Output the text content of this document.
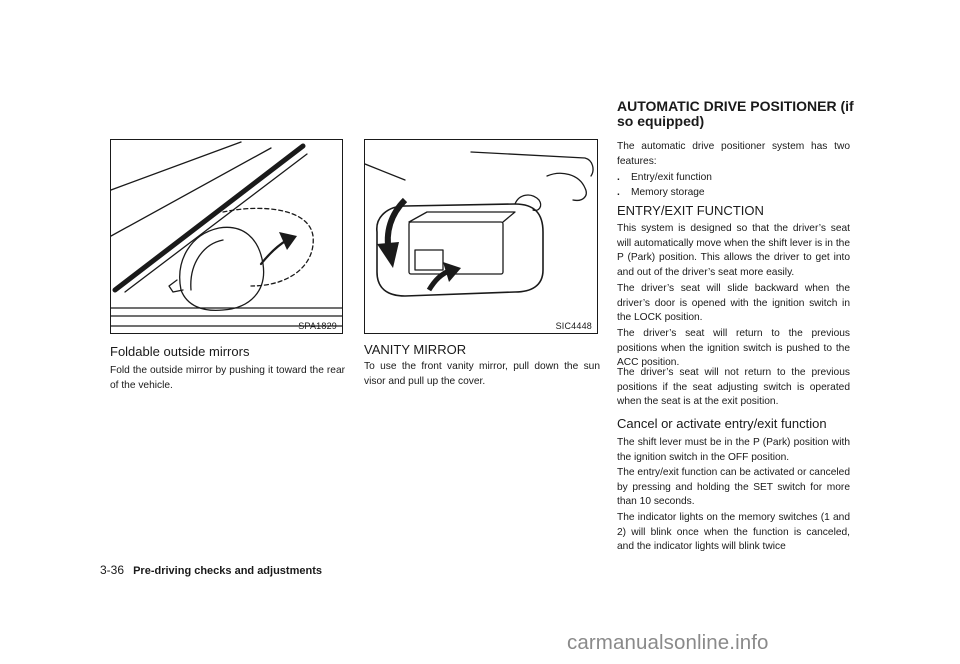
SPA1829	SIC4448
Foldable outside mirrors

Fold the outside mirror by pushing it toward the rear of the vehicle.

VANITY MIRROR

To use the front vanity mirror, pull down the sun visor and pull up the cover.

AUTOMATIC DRIVE POSITIONER (if
so equipped)

The automatic drive positioner system has two features:

. Entry/exit function
. Memory storage
ENTRY/EXIT FUNCTION

This system is designed so that the driver’s seat will automatically move when the shift lever is in the P (Park) position. This allows the driver to get into and out of the driver’s seat more easily.

The driver’s seat will slide backward when the driver’s door is opened with the ignition switch in the LOCK position.

The driver’s seat will return to the previous positions when the ignition switch is pushed to the ACC position.

The driver’s seat will not return to the previous positions if the seat adjusting switch is operated when the seat is at the exit position.

Cancel or activate entry/exit function

The shift lever must be in the P (Park) position with the ignition switch in the OFF position.

The entry/exit function can be activated or canceled by pressing and holding the SET switch for more than 10 seconds.

The indicator lights on the memory switches (1 and 2) will blink once when the function is canceled, and the indicator lights will blink twice

3-36 Pre-driving checks and adjustments
carmanualsonline.info
